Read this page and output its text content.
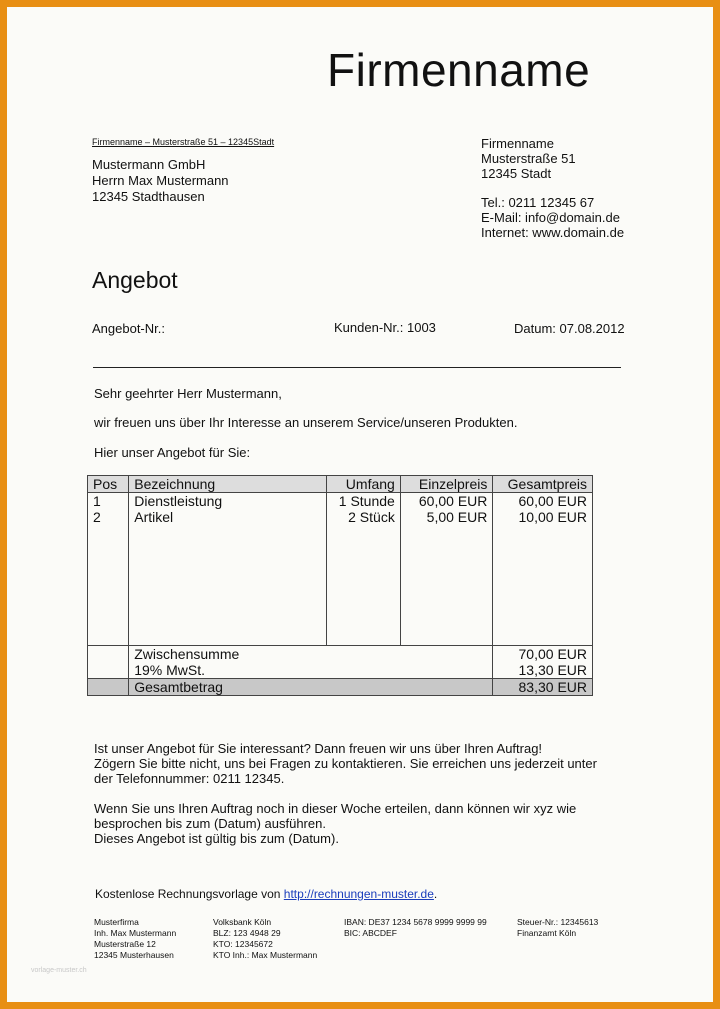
Firmenname
Firmenname – Musterstraße 51 – 12345Stadt
Mustermann GmbH
Herrn Max Mustermann
12345 Stadthausen
Firmenname
Musterstraße 51
12345 Stadt
Tel.: 0211 12345 67
E-Mail: info@domain.de
Internet: www.domain.de
Angebot
Angebot-Nr.:	Kunden-Nr.: 1003	Datum: 07.08.2012
Sehr geehrter Herr Mustermann,
wir freuen uns über Ihr Interesse an unserem Service/unseren Produkten.
Hier unser Angebot für Sie:
Pos	Bezeichnung	Umfang	Einzelpreis	Gesamtpreis
1	Dienstleistung	1 Stunde	60,00 EUR	60,00 EUR
2	Artikel	2 Stück	5,00 EUR	10,00 EUR

	Zwischensumme			70,00 EUR
	19% MwSt.			13,30 EUR
	Gesamtbetrag			83,30 EUR
Ist unser Angebot für Sie interessant? Dann freuen wir uns über Ihren Auftrag!
Zögern Sie bitte nicht, uns bei Fragen zu kontaktieren. Sie erreichen uns jederzeit unter
der Telefonnummer: 0211 12345.
Wenn Sie uns Ihren Auftrag noch in dieser Woche erteilen, dann können wir xyz wie
besprochen bis zum (Datum) ausführen.
Dieses Angebot ist gültig bis zum (Datum).
Kostenlose Rechnungsvorlage von http://rechnungen-muster.de.
Musterfirma
Inh. Max Mustermann
Musterstraße 12
12345 Musterhausen
Volksbank Köln
BLZ: 123 4948 29
KTO: 12345672
KTO Inh.: Max Mustermann
IBAN: DE37 1234 5678 9999 9999 99
BIC: ABCDEF
Steuer-Nr.: 12345613
Finanzamt Köln
vorlage-muster.ch
